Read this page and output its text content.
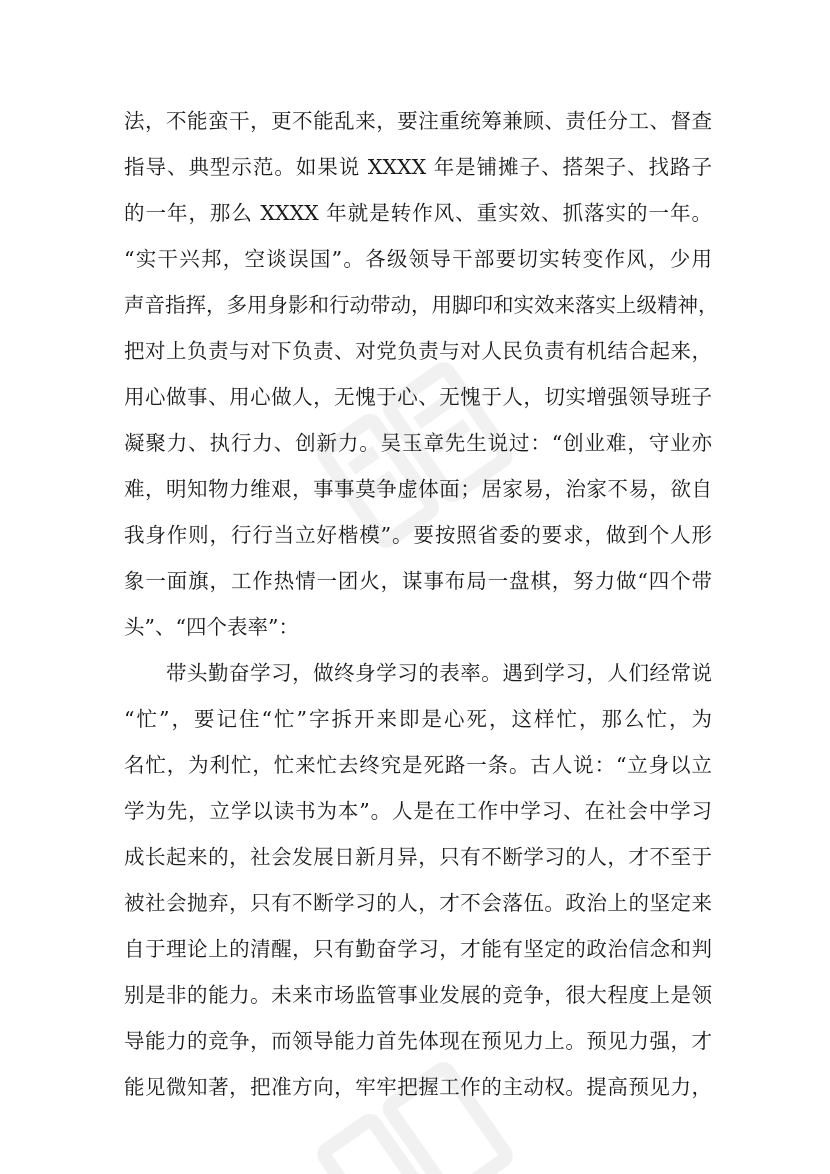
法，不能蛮干，更不能乱来，要注重统筹兼顾、责任分工、督查
指导、典型示范。如果说 XXXX 年是铺摊子、搭架子、找路子
的一年，那么 XXXX 年就是转作风、重实效、抓落实的一年。
“实干兴邦，空谈误国”。各级领导干部要切实转变作风，少用
声音指挥，多用身影和行动带动，用脚印和实效来落实上级精神，
把对上负责与对下负责、对党负责与对人民负责有机结合起来，
用心做事、用心做人，无愧于心、无愧于人，切实增强领导班子
凝聚力、执行力、创新力。吴玉章先生说过：“创业难，守业亦
难，明知物力维艰，事事莫争虚体面；居家易，治家不易，欲自
我身作则，行行当立好楷模”。要按照省委的要求，做到个人形
象一面旗，工作热情一团火，谋事布局一盘棋，努力做“四个带
头”、“四个表率”：
带头勤奋学习，做终身学习的表率。遇到学习，人们经常说
“忙”，要记住“忙”字拆开来即是心死，这样忙，那么忙，为
名忙，为利忙，忙来忙去终究是死路一条。古人说：“立身以立
学为先，立学以读书为本”。人是在工作中学习、在社会中学习
成长起来的，社会发展日新月异，只有不断学习的人，才不至于
被社会抛弃，只有不断学习的人，才不会落伍。政治上的坚定来
自于理论上的清醒，只有勤奋学习，才能有坚定的政治信念和判
别是非的能力。未来市场监管事业发展的竞争，很大程度上是领
导能力的竞争，而领导能力首先体现在预见力上。预见力强，才
能见微知著，把准方向，牢牢把握工作的主动权。提高预见力，
